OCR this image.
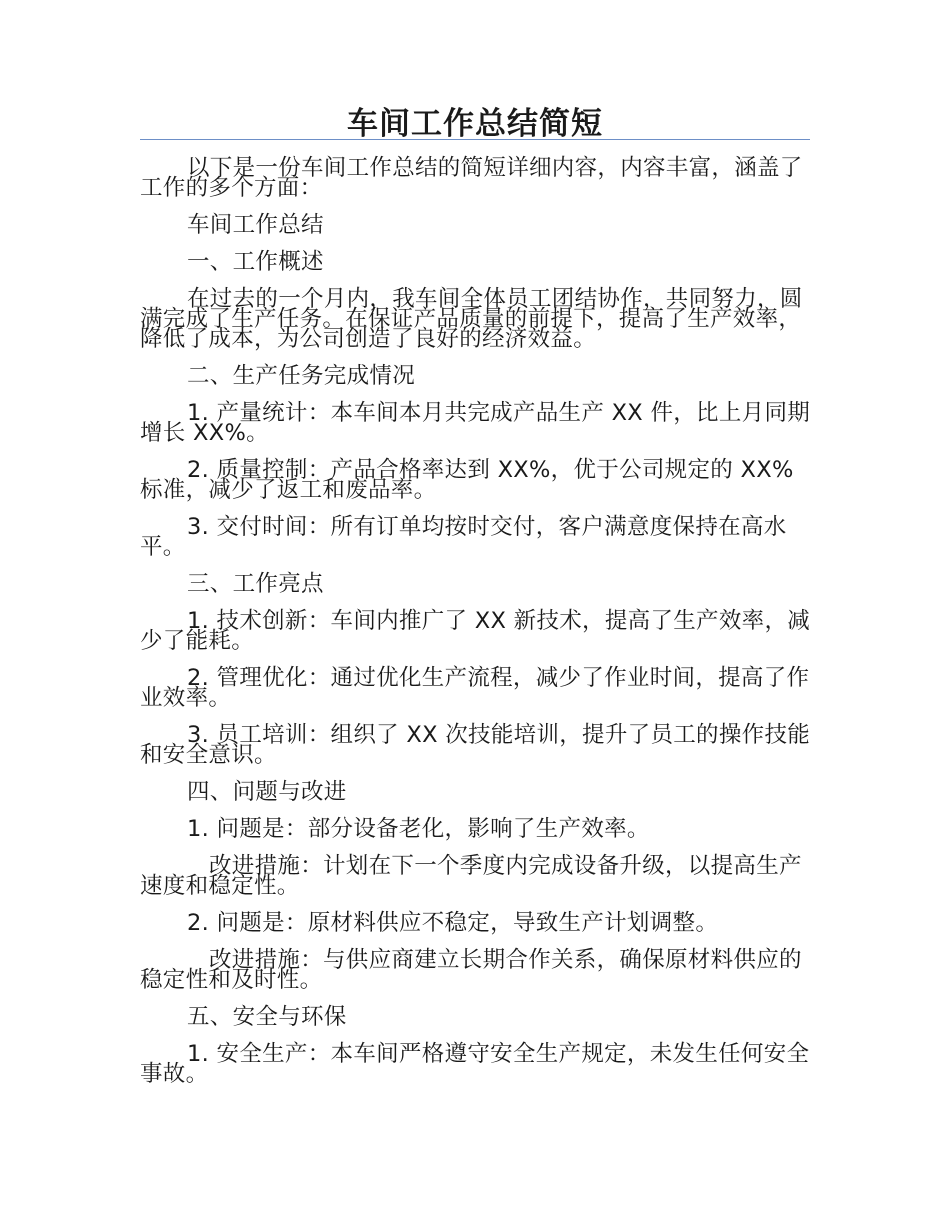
车间工作总结简短

以下是一份车间工作总结的简短详细内容，内容丰富，涵盖了工作的多个方面：

车间工作总结

一、工作概述

在过去的一个月内，我车间全体员工团结协作，共同努力，圆满完成了生产任务。在保证产品质量的前提下，提高了生产效率，降低了成本，为公司创造了良好的经济效益。

二、生产任务完成情况

1. 产量统计：本车间本月共完成产品生产 XX 件，比上月同期增长 XX%。

2. 质量控制：产品合格率达到 XX%，优于公司规定的 XX%标准，减少了返工和废品率。

3. 交付时间：所有订单均按时交付，客户满意度保持在高水平。

三、工作亮点

1. 技术创新：车间内推广了 XX 新技术，提高了生产效率，减少了能耗。

2. 管理优化：通过优化生产流程，减少了作业时间，提高了作业效率。

3. 员工培训：组织了 XX 次技能培训，提升了员工的操作技能和安全意识。

四、问题与改进

1. 问题是：部分设备老化，影响了生产效率。

改进措施：计划在下一个季度内完成设备升级，以提高生产速度和稳定性。

2. 问题是：原材料供应不稳定，导致生产计划调整。

改进措施：与供应商建立长期合作关系，确保原材料供应的稳定性和及时性。

五、安全与环保

1. 安全生产：本车间严格遵守安全生产规定，未发生任何安全事故。
